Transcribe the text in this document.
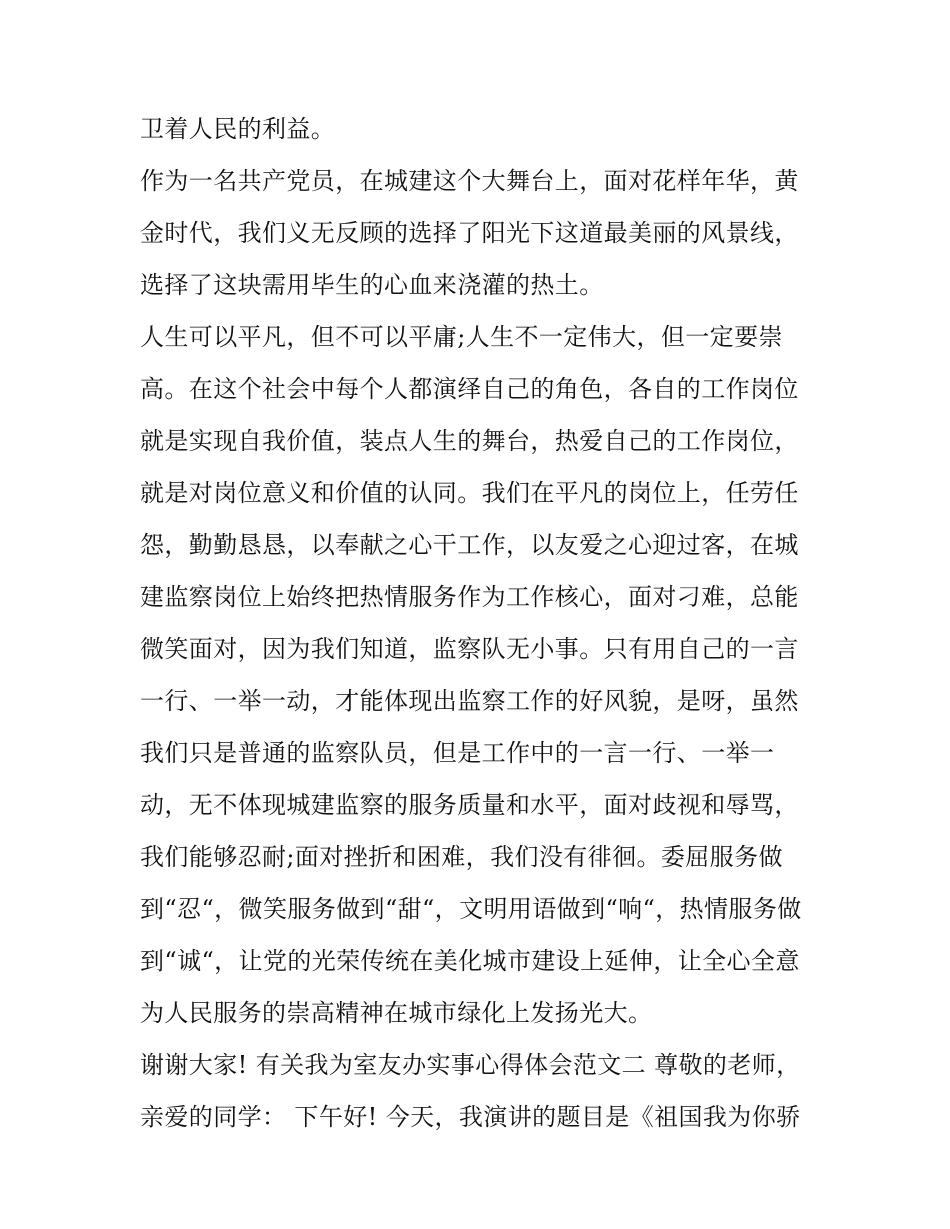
卫着人民的利益。
作为一名共产党员，在城建这个大舞台上，面对花样年华，黄
金时代，我们义无反顾的选择了阳光下这道最美丽的风景线，
选择了这块需用毕生的心血来浇灌的热土。
人生可以平凡，但不可以平庸;人生不一定伟大，但一定要崇
高。在这个社会中每个人都演绎自己的角色，各自的工作岗位
就是实现自我价值，装点人生的舞台，热爱自己的工作岗位，
就是对岗位意义和价值的认同。我们在平凡的岗位上，任劳任
怨，勤勤恳恳，以奉献之心干工作，以友爱之心迎过客，在城
建监察岗位上始终把热情服务作为工作核心，面对刁难，总能
微笑面对，因为我们知道，监察队无小事。只有用自己的一言
一行、一举一动，才能体现出监察工作的好风貌，是呀，虽然
我们只是普通的监察队员，但是工作中的一言一行、一举一
动，无不体现城建监察的服务质量和水平，面对歧视和辱骂，
我们能够忍耐;面对挫折和困难，我们没有徘徊。委屈服务做
到“忍“，微笑服务做到“甜“，文明用语做到“响“，热情服务做
到“诚“，让党的光荣传统在美化城市建设上延伸，让全心全意
为人民服务的崇高精神在城市绿化上发扬光大。
谢谢大家! 有关我为室友办实事心得体会范文二 尊敬的老师，
亲爱的同学： 下午好! 今天，我演讲的题目是《祖国我为你骄
